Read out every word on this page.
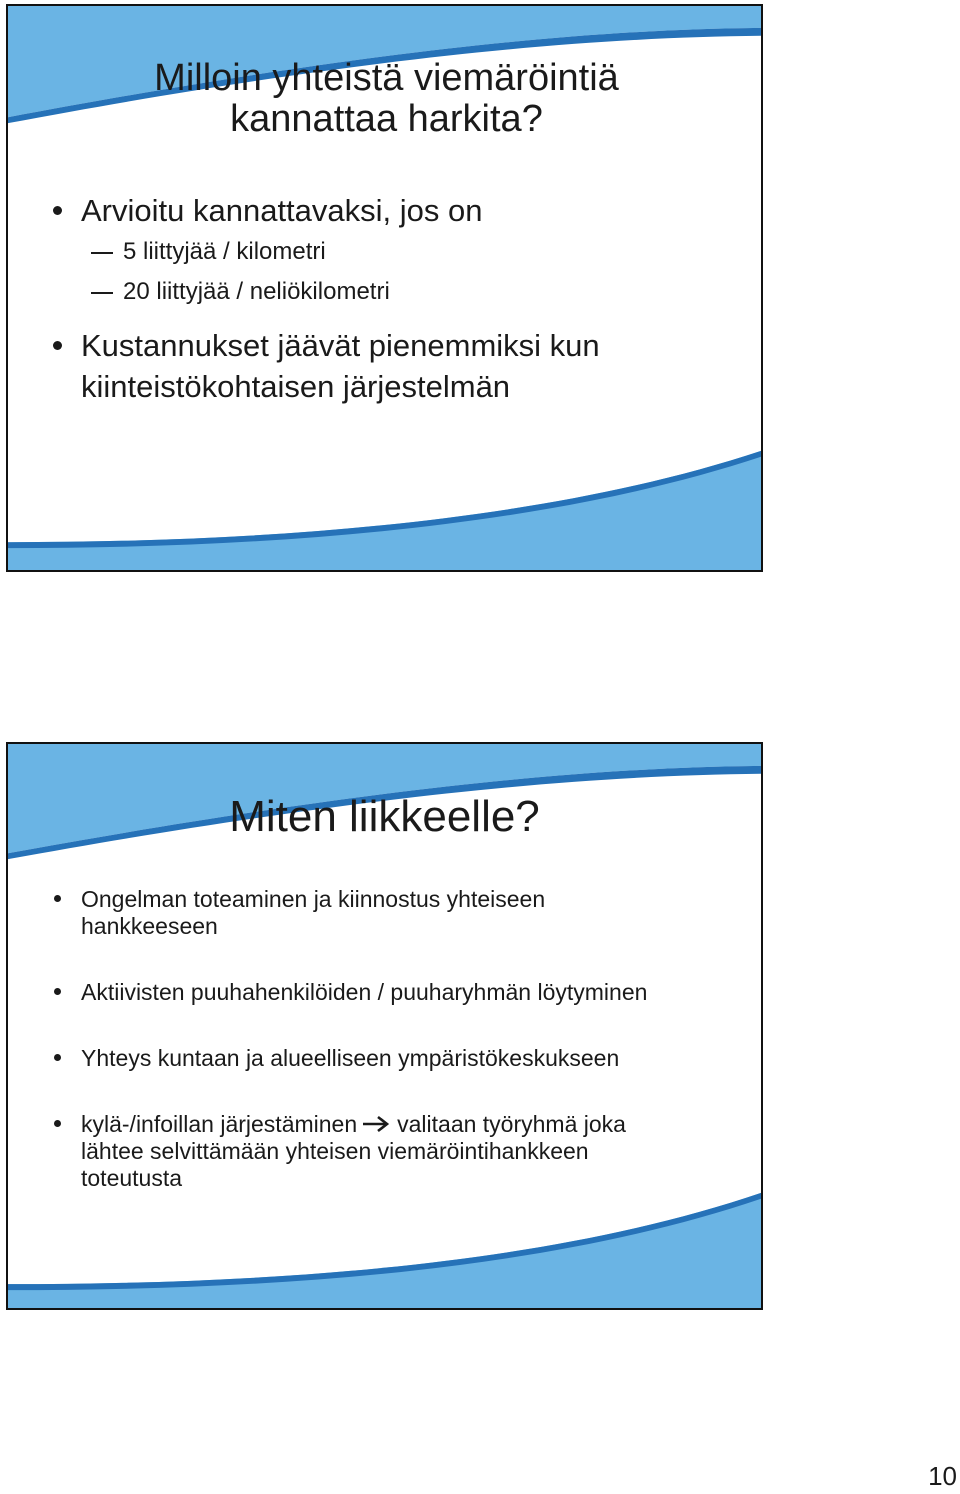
Milloin yhteistä viemäröintiä
kannattaa harkita?
Arvioitu kannattavaksi, jos on
5 liittyjää / kilometri
20 liittyjää / neliökilometri
Kustannukset jäävät pienemmiksi kun
kiinteistökohtaisen järjestelmän
Miten liikkeelle?
Ongelman toteaminen ja kiinnostus yhteiseen
hankkeeseen
Aktiivisten puuhahenkilöiden / puuharyhmän löytyminen
Yhteys kuntaan ja alueelliseen ympäristökeskukseen
kylä-/infoillan järjestäminen valitaan työryhmä joka
lähtee selvittämään yhteisen viemäröintihankkeen
toteutusta
10
